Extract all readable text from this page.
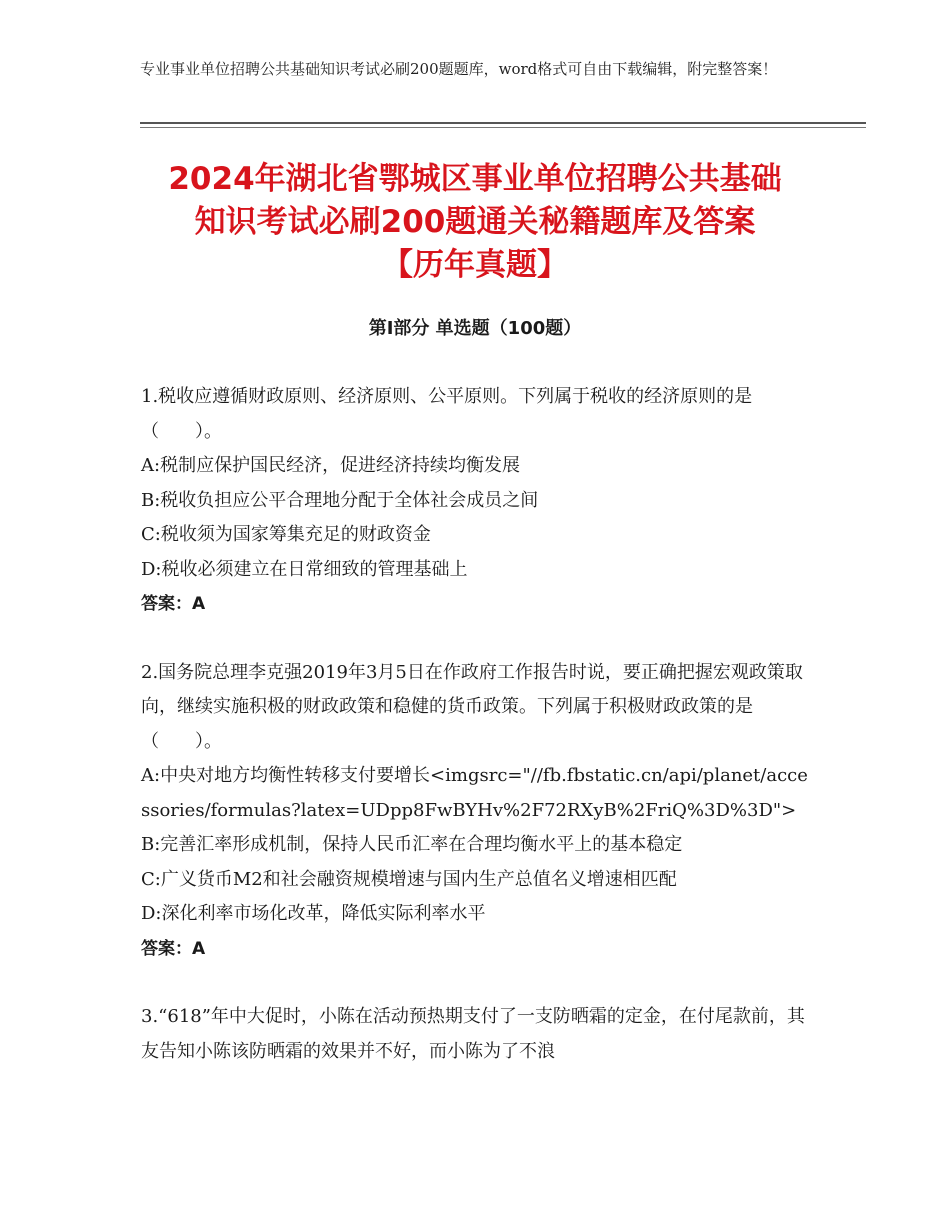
专业事业单位招聘公共基础知识考试必刷200题题库，word格式可自由下载编辑，附完整答案！
2024年湖北省鄂城区事业单位招聘公共基础
知识考试必刷200题通关秘籍题库及答案
【历年真题】
第Ⅰ部分 单选题（100题）
1.税收应遵循财政原则、经济原则、公平原则。下列属于税收的经济原则的是（　　）。
A:税制应保护国民经济，促进经济持续均衡发展
B:税收负担应公平合理地分配于全体社会成员之间
C:税收须为国家筹集充足的财政资金
D:税收必须建立在日常细致的管理基础上
答案：A
2.国务院总理李克强2019年3月5日在作政府工作报告时说，要正确把握宏观政策取向，继续实施积极的财政政策和稳健的货币政策。下列属于积极财政政策的是（　　）。
A:中央对地方均衡性转移支付要增长<imgsrc="//fb.fbstatic.cn/api/planet/accessories/formulas?latex=UDpp8FwBYHv%2F72RXyB%2FriQ%3D%3D">
B:完善汇率形成机制，保持人民币汇率在合理均衡水平上的基本稳定
C:广义货币M2和社会融资规模增速与国内生产总值名义增速相匹配
D:深化利率市场化改革，降低实际利率水平
答案：A
3.“618”年中大促时，小陈在活动预热期支付了一支防晒霜的定金，在付尾款前，其友告知小陈该防晒霜的效果并不好，而小陈为了不浪
